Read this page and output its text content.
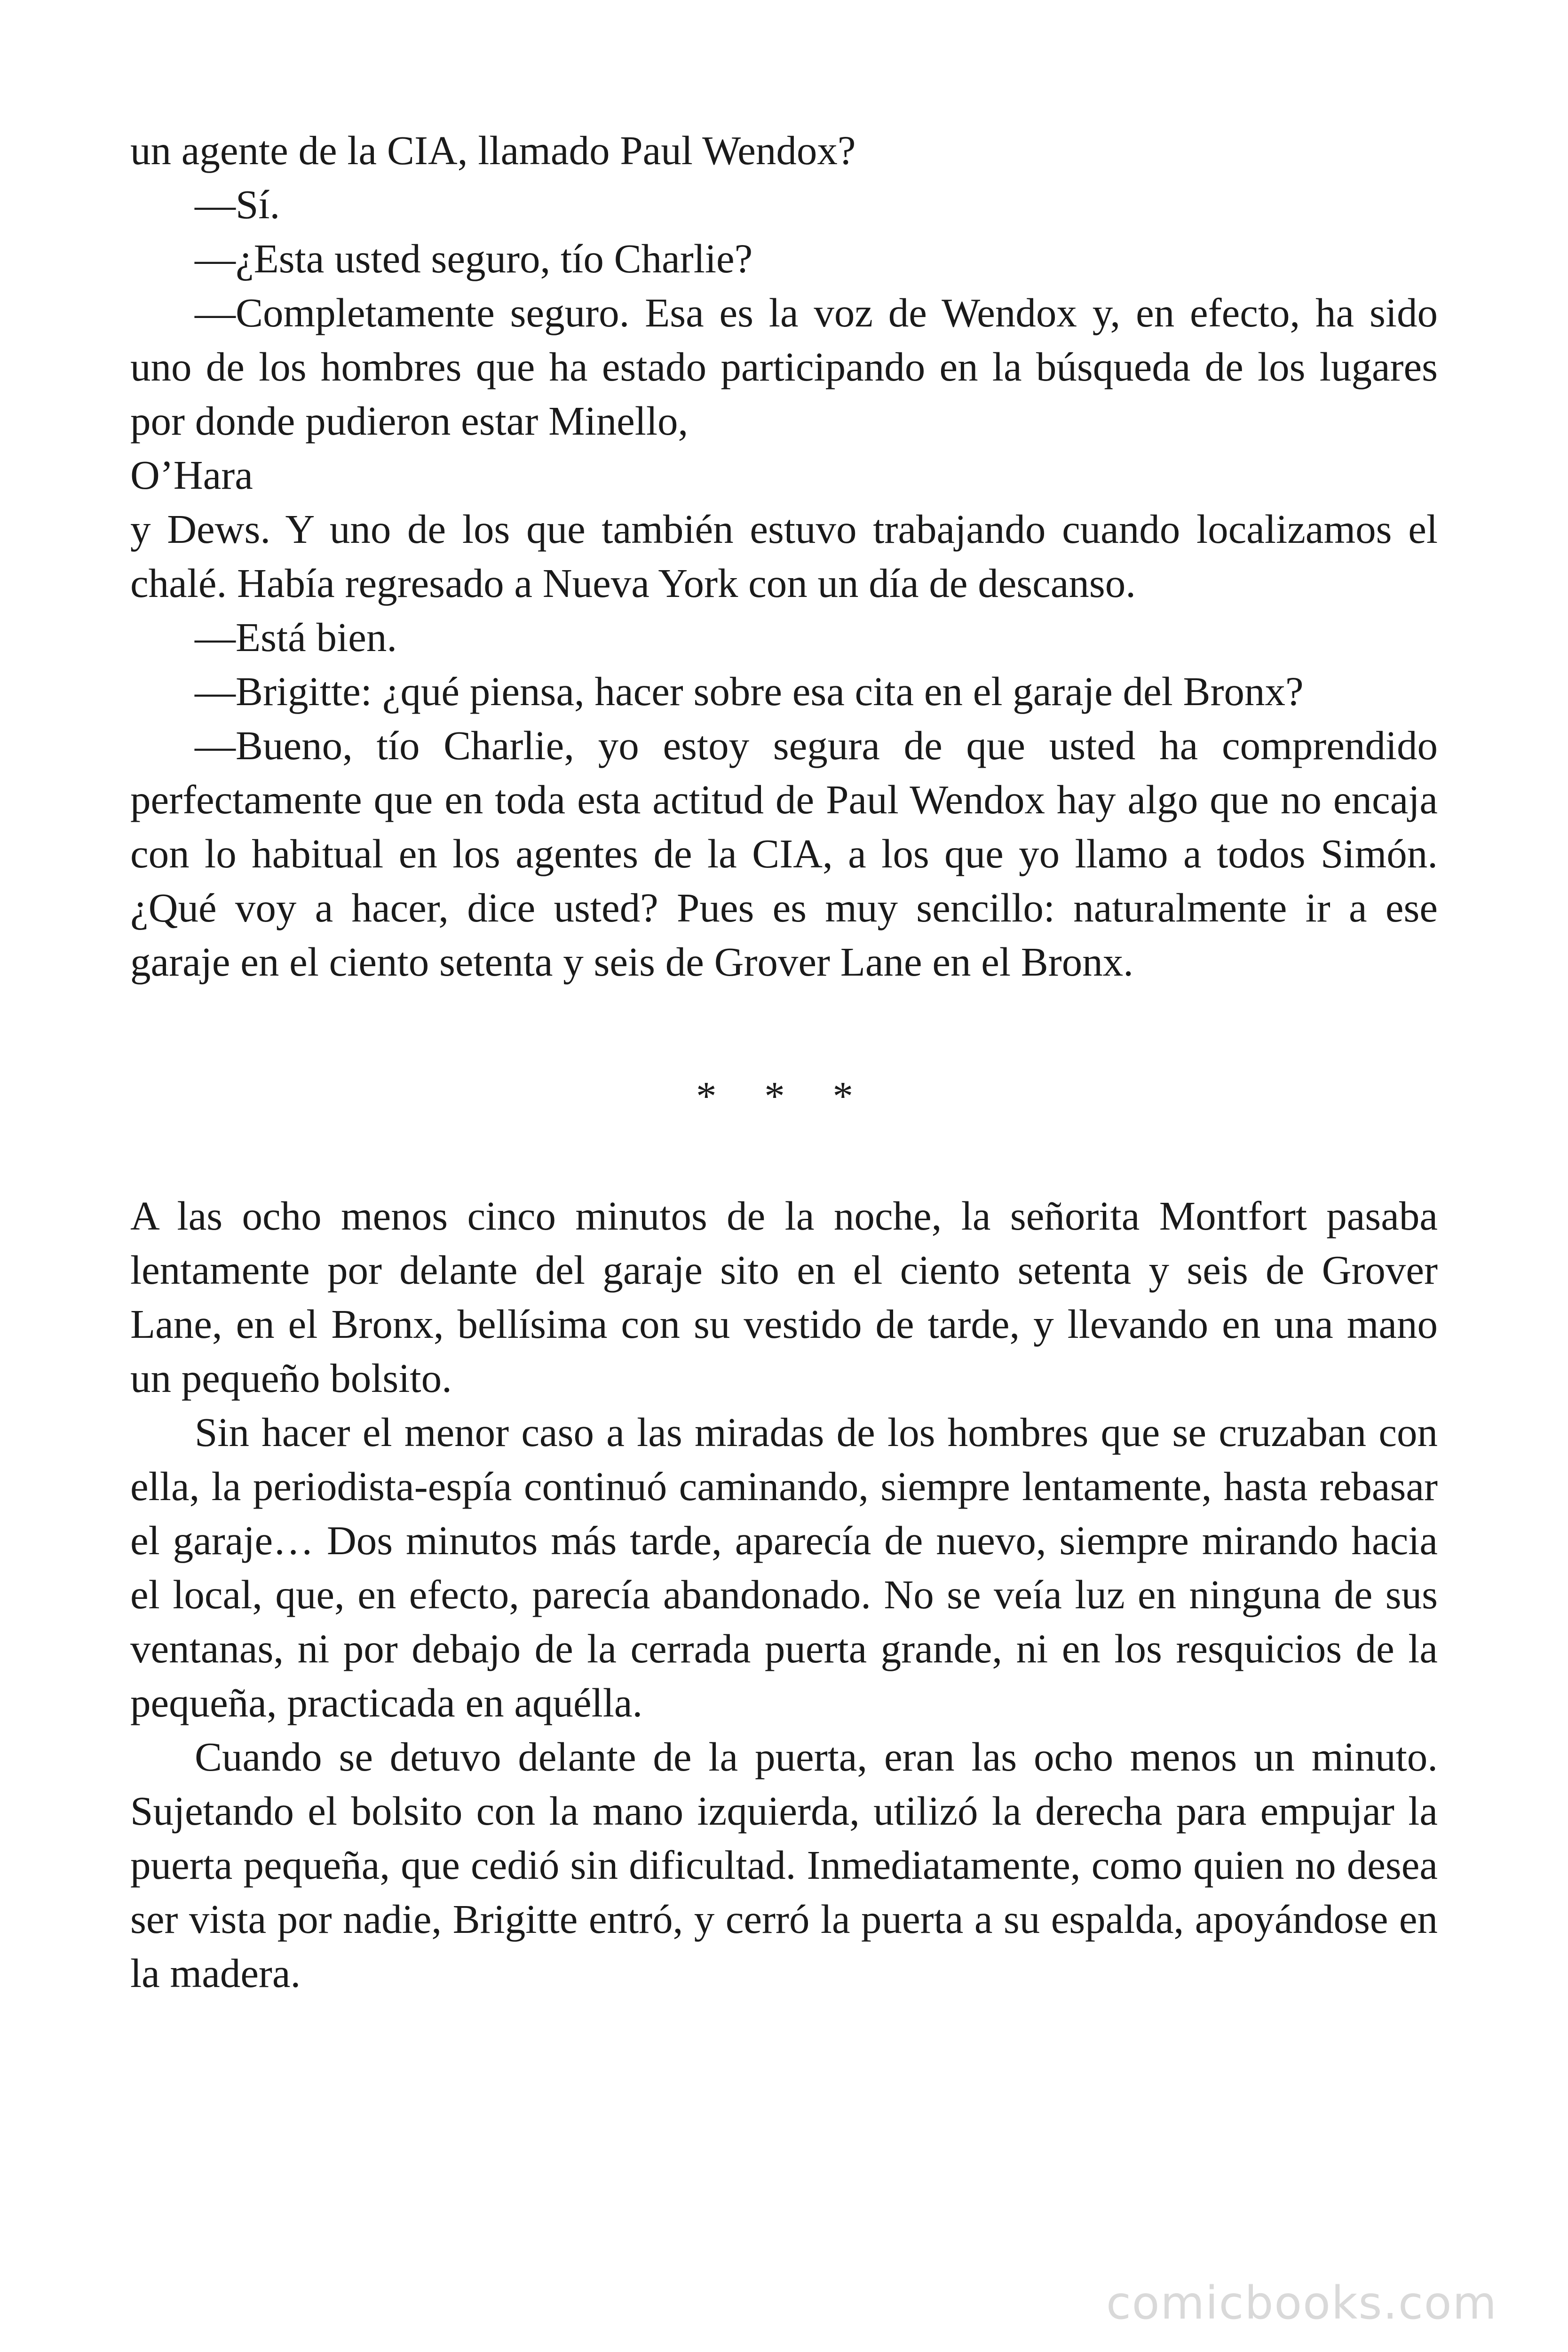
un agente de la CIA, llamado Paul Wendox?

—Sí.

—¿Esta usted seguro, tío Charlie?

—Completamente seguro. Esa es la voz de Wendox y, en efecto, ha sido uno de los hombres que ha estado participando en la búsqueda de los lugares por donde pudieron estar Minello,

O’Hara

y Dews. Y uno de los que también estuvo trabajando cuando localizamos el chalé. Había regresado a Nueva York con un día de descanso.

—Está bien.

—Brigitte: ¿qué piensa, hacer sobre esa cita en el garaje del Bronx?

—Bueno, tío Charlie, yo estoy segura de que usted ha comprendido perfectamente que en toda esta actitud de Paul Wendox hay algo que no encaja con lo habitual en los agentes de la CIA, a los que yo llamo a todos Simón. ¿Qué voy a hacer, dice usted? Pues es muy sencillo: naturalmente ir a ese garaje en el ciento setenta y seis de Grover Lane en el Bronx.

* * *

A las ocho menos cinco minutos de la noche, la señorita Montfort pasaba lentamente por delante del garaje sito en el ciento setenta y seis de Grover Lane, en el Bronx, bellísima con su vestido de tarde, y llevando en una mano un pequeño bolsito.

Sin hacer el menor caso a las miradas de los hombres que se cruzaban con ella, la periodista-espía continuó caminando, siempre lentamente, hasta rebasar el garaje… Dos minutos más tarde, aparecía de nuevo, siempre mirando hacia el local, que, en efecto, parecía abandonado. No se veía luz en ninguna de sus ventanas, ni por debajo de la cerrada puerta grande, ni en los resquicios de la pequeña, practicada en aquélla.

Cuando se detuvo delante de la puerta, eran las ocho menos un minuto. Sujetando el bolsito con la mano izquierda, utilizó la derecha para empujar la puerta pequeña, que cedió sin dificultad. Inmediatamente, como quien no desea ser vista por nadie, Brigitte entró, y cerró la puerta a su espalda, apoyándose en la madera.

comicbooks.com
